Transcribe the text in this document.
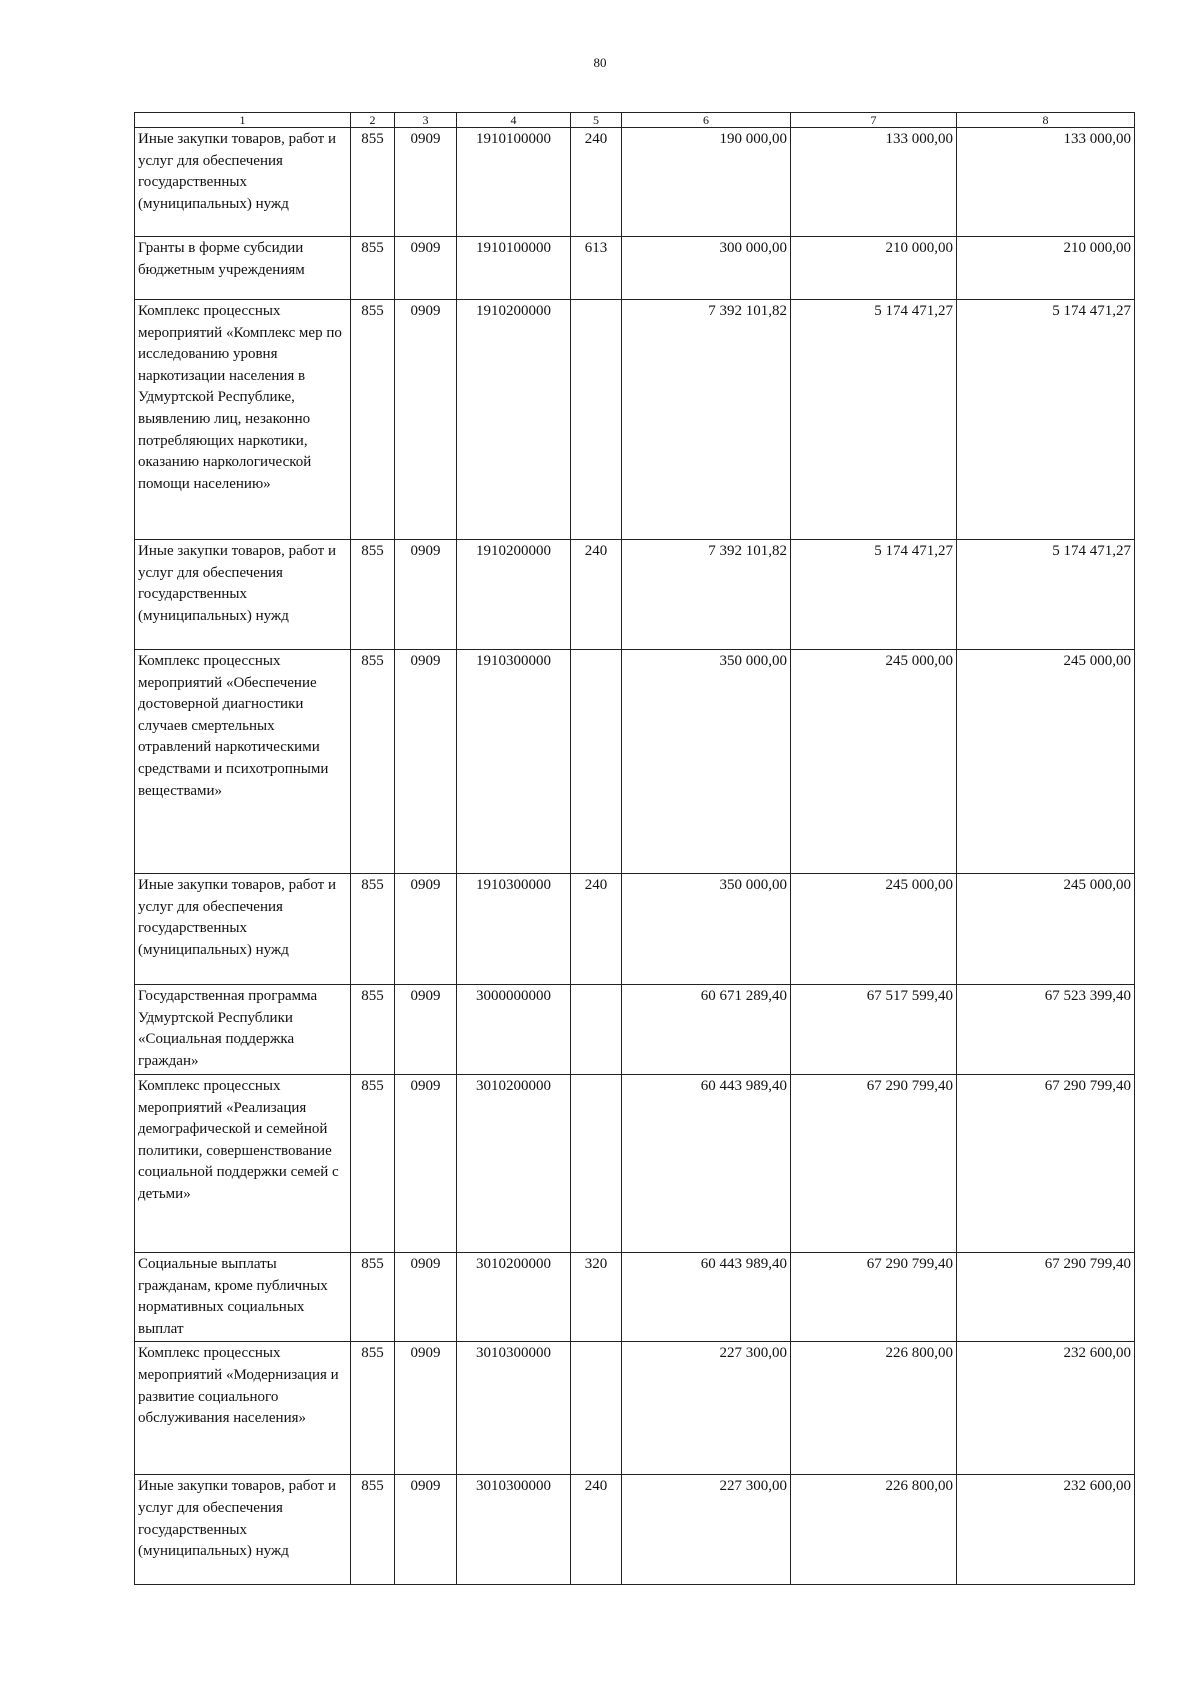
80
1	2	3	4	5	6	7	8
Иные закупки товаров, работ и услуг для обеспечения государственных (муниципальных) нужд	855	0909	1910100000	240	190 000,00	133 000,00	133 000,00
Гранты в форме субсидии бюджетным учреждениям	855	0909	1910100000	613	300 000,00	210 000,00	210 000,00
Комплекс процессных мероприятий «Комплекс мер по исследованию уровня наркотизации населения в Удмуртской Республике, выявлению лиц, незаконно потребляющих наркотики, оказанию наркологической помощи населению»	855	0909	1910200000		7 392 101,82	5 174 471,27	5 174 471,27
Иные закупки товаров, работ и услуг для обеспечения государственных (муниципальных) нужд	855	0909	1910200000	240	7 392 101,82	5 174 471,27	5 174 471,27
Комплекс процессных мероприятий «Обеспечение достоверной диагностики случаев смертельных отравлений наркотическими средствами и психотропными веществами»	855	0909	1910300000		350 000,00	245 000,00	245 000,00
Иные закупки товаров, работ и услуг для обеспечения государственных (муниципальных) нужд	855	0909	1910300000	240	350 000,00	245 000,00	245 000,00
Государственная программа Удмуртской Республики «Социальная поддержка граждан»	855	0909	3000000000		60 671 289,40	67 517 599,40	67 523 399,40
Комплекс процессных мероприятий «Реализация демографической и семейной политики, совершенствование социальной поддержки семей с детьми»	855	0909	3010200000		60 443 989,40	67 290 799,40	67 290 799,40
Социальные выплаты гражданам, кроме публичных нормативных социальных выплат	855	0909	3010200000	320	60 443 989,40	67 290 799,40	67 290 799,40
Комплекс процессных мероприятий «Модернизация и развитие социального обслуживания населения»	855	0909	3010300000		227 300,00	226 800,00	232 600,00
Иные закупки товаров, работ и услуг для обеспечения государственных (муниципальных) нужд	855	0909	3010300000	240	227 300,00	226 800,00	232 600,00
